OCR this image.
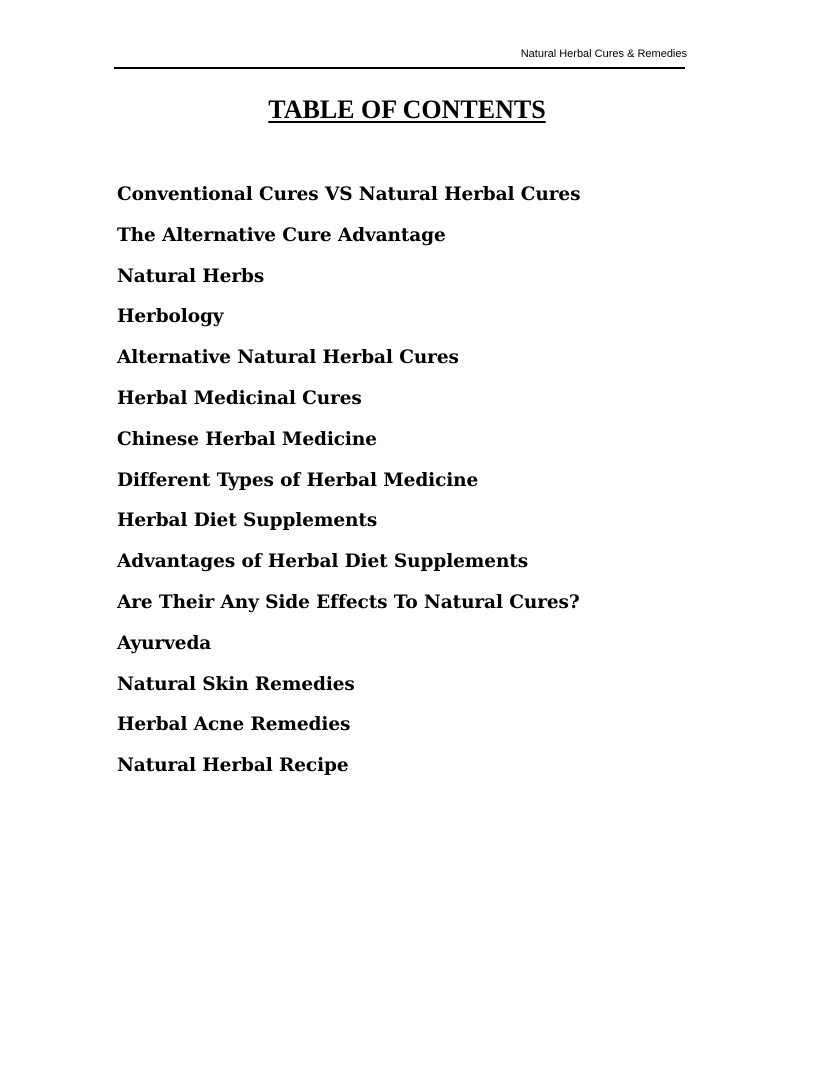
Natural Herbal Cures & Remedies
TABLE OF CONTENTS
Conventional Cures VS Natural Herbal Cures
The Alternative Cure Advantage
Natural Herbs
Herbology
Alternative Natural Herbal Cures
Herbal Medicinal Cures
Chinese Herbal Medicine
Different Types of Herbal Medicine
Herbal Diet Supplements
Advantages of Herbal Diet Supplements
Are Their Any Side Effects To Natural Cures?
Ayurveda
Natural Skin Remedies
Herbal Acne Remedies
Natural Herbal Recipe
